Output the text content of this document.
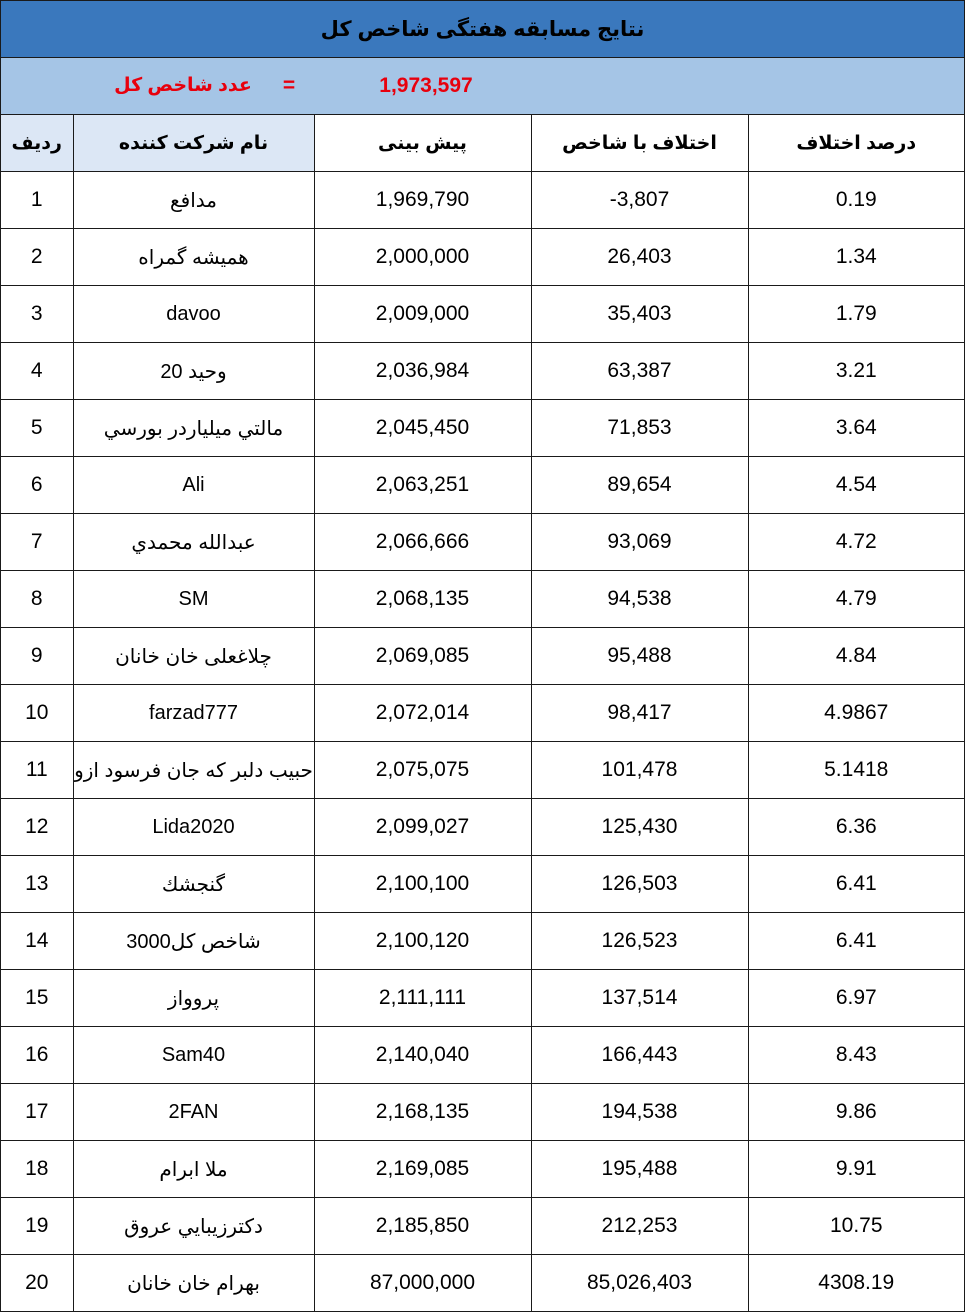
نتایج مسابقه هفتگی شاخص کل
عدد شاخص کل	=	1,973,597
ردیف	نام شرکت کننده	پیش بینی	اختلاف با شاخص	درصد اختلاف
1	مدافع	1,969,790	-3,807	0.19
2	همیشه گمراه	2,000,000	26,403	1.34
3	davoo	2,009,000	35,403	1.79
4	وحید 20	2,036,984	63,387	3.21
5	مالتي ميلياردر بورسي	2,045,450	71,853	3.64
6	Ali	2,063,251	89,654	4.54
7	عبدالله محمدي	2,066,666	93,069	4.72
8	SM	2,068,135	94,538	4.79
9	چلاغعلی خان خانان	2,069,085	95,488	4.84
10	farzad777	2,072,014	98,417	4.9867
11	حبیب دلبر که جان فرسود ازو	2,075,075	101,478	5.1418
12	Lida2020	2,099,027	125,430	6.36
13	گنجشك	2,100,100	126,503	6.41
14	شاخص کل3000	2,100,120	126,523	6.41
15	پروواز	2,111,111	137,514	6.97
16	Sam40	2,140,040	166,443	8.43
17	2FAN	2,168,135	194,538	9.86
18	ملا ابرام	2,169,085	195,488	9.91
19	دکترزيبايي عروق	2,185,850	212,253	10.75
20	بهرام خان خانان	87,000,000	85,026,403	4308.19
